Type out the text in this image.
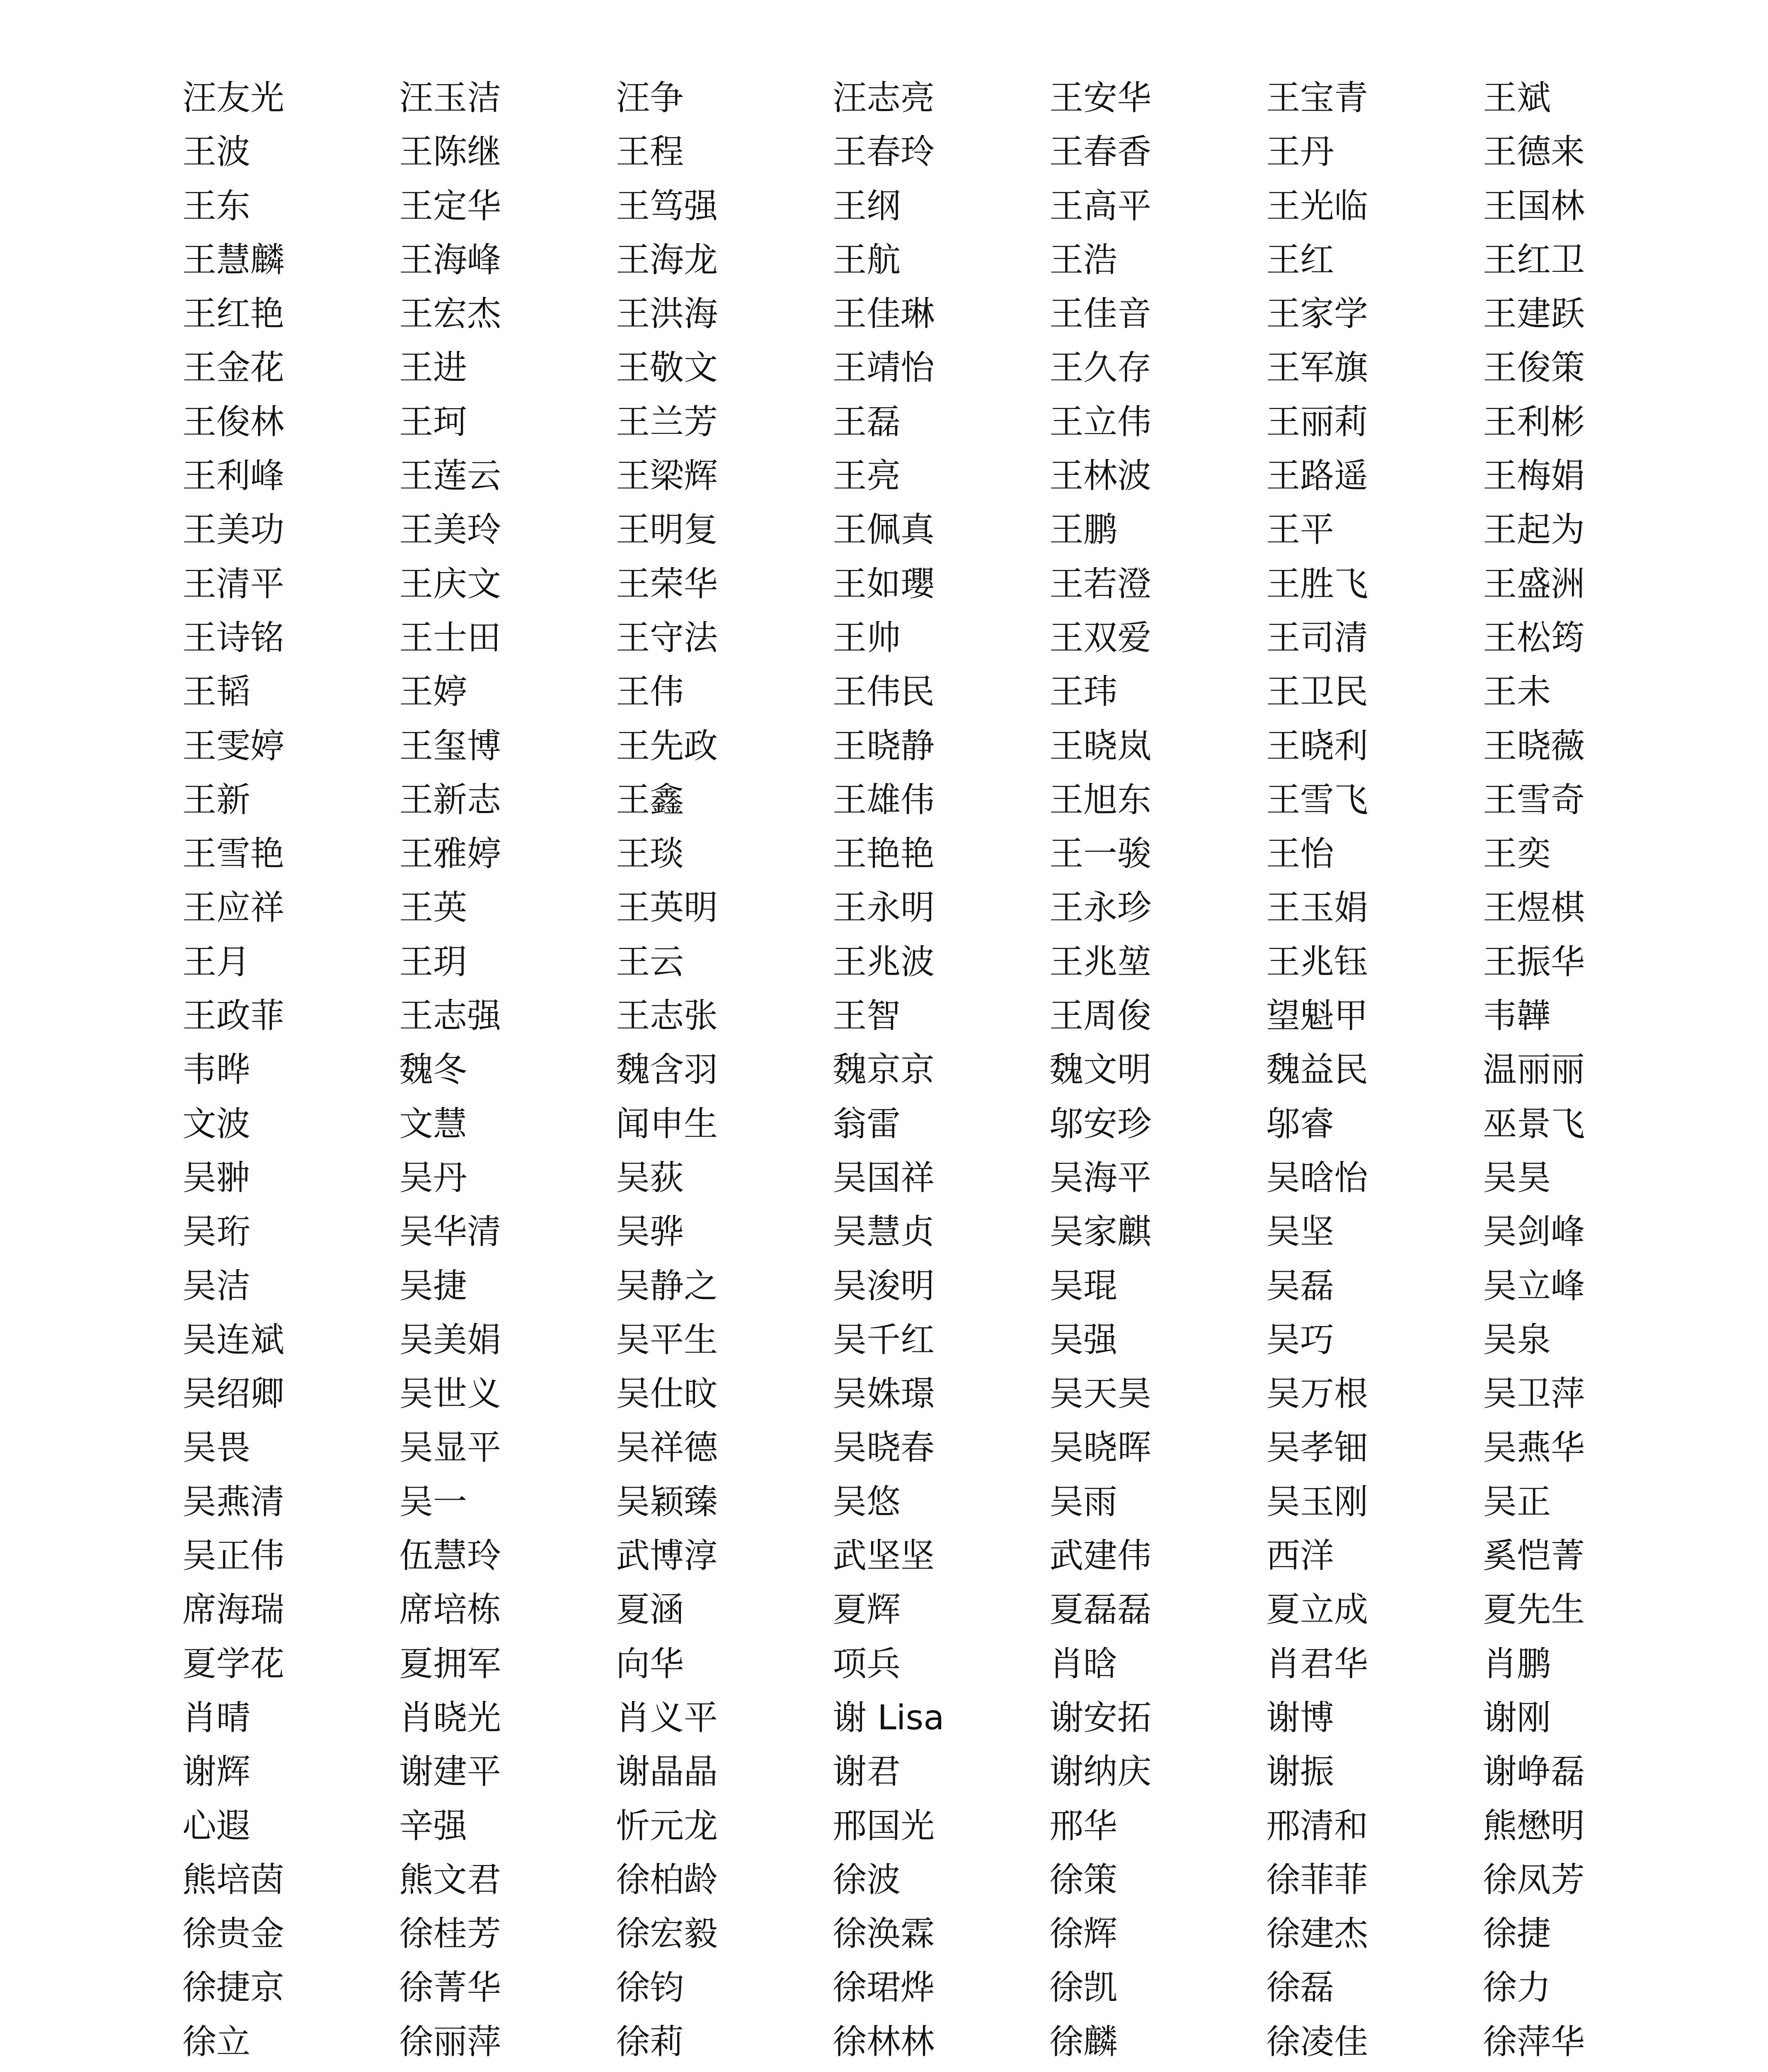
汪友光	汪玉洁	汪争	汪志亮	王安华	王宝青	王斌
王波	王陈继	王程	王春玲	王春香	王丹	王德来
王东	王定华	王笃强	王纲	王高平	王光临	王国林
王慧麟	王海峰	王海龙	王航	王浩	王红	王红卫
王红艳	王宏杰	王洪海	王佳琳	王佳音	王家学	王建跃
王金花	王进	王敬文	王靖怡	王久存	王军旗	王俊策
王俊林	王珂	王兰芳	王磊	王立伟	王丽莉	王利彬
王利峰	王莲云	王梁辉	王亮	王林波	王路遥	王梅娟
王美功	王美玲	王明复	王佩真	王鹏	王平	王起为
王清平	王庆文	王荣华	王如瓔	王若澄	王胜飞	王盛洲
王诗铭	王士田	王守法	王帅	王双爱	王司清	王松筠
王韬	王婷	王伟	王伟民	王玮	王卫民	王未
王雯婷	王玺博	王先政	王晓静	王晓岚	王晓利	王晓薇
王新	王新志	王鑫	王雄伟	王旭东	王雪飞	王雪奇
王雪艳	王雅婷	王琰	王艳艳	王一骏	王怡	王奕
王应祥	王英	王英明	王永明	王永珍	王玉娟	王煜棋
王月	王玥	王云	王兆波	王兆堃	王兆钰	王振华
王政菲	王志强	王志张	王智	王周俊	望魁甲	韦韡
韦晔	魏冬	魏含羽	魏京京	魏文明	魏益民	温丽丽
文波	文慧	闻申生	翁雷	邬安珍	邬睿	巫景飞
吴翀	吴丹	吴荻	吴国祥	吴海平	吴晗怡	吴昊
吴珩	吴华清	吴骅	吴慧贞	吴家麒	吴坚	吴剑峰
吴洁	吴捷	吴静之	吴浚明	吴琨	吴磊	吴立峰
吴连斌	吴美娟	吴平生	吴千红	吴强	吴巧	吴泉
吴绍卿	吴世义	吴仕旼	吴姝璟	吴天昊	吴万根	吴卫萍
吴畏	吴显平	吴祥德	吴晓春	吴晓晖	吴孝钿	吴燕华
吴燕清	吴一	吴颖臻	吴悠	吴雨	吴玉刚	吴正
吴正伟	伍慧玲	武博淳	武坚坚	武建伟	西洋	奚恺菁
席海瑞	席培栋	夏涵	夏辉	夏磊磊	夏立成	夏先生
夏学花	夏拥军	向华	项兵	肖晗	肖君华	肖鹏
肖晴	肖晓光	肖义平	谢 Lisa	谢安拓	谢博	谢刚
谢辉	谢建平	谢晶晶	谢君	谢纳庆	谢振	谢峥磊
心遐	辛强	忻元龙	邢国光	邢华	邢清和	熊懋明
熊培茵	熊文君	徐柏龄	徐波	徐策	徐菲菲	徐凤芳
徐贵金	徐桂芳	徐宏毅	徐涣霖	徐辉	徐建杰	徐捷
徐捷京	徐菁华	徐钧	徐珺烨	徐凯	徐磊	徐力
徐立	徐丽萍	徐莉	徐林林	徐麟	徐凌佳	徐萍华
